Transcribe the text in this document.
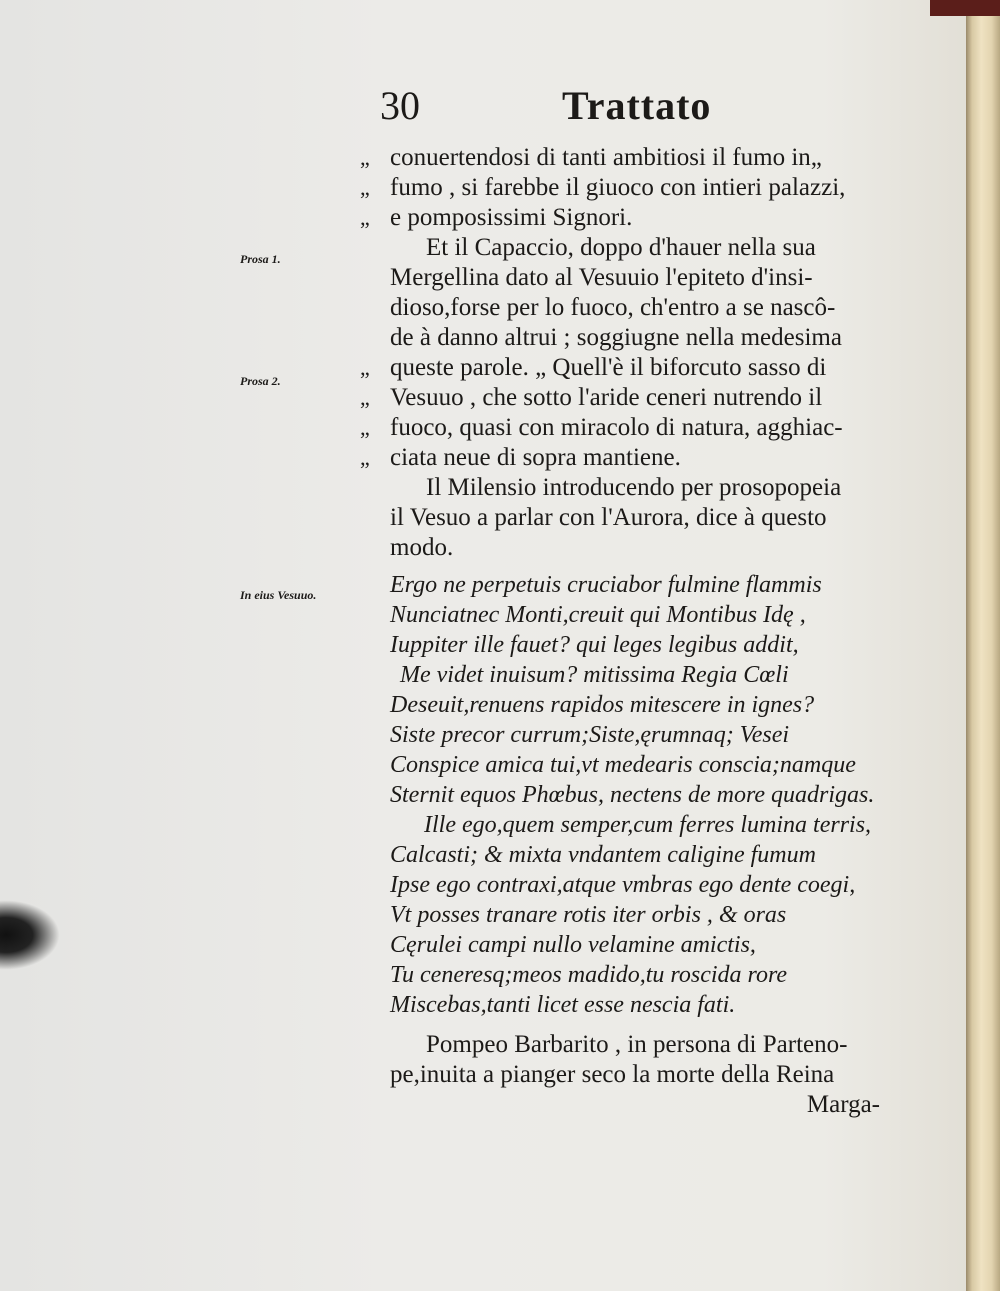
30	Trattato
Prosa 1.
Prosa 2.
In eius Vesuuo.
„ conuertendosi di tanti ambitiosi il fumo in„
„ fumo , si farebbe il giuoco con intieri palazzi,
„ e pomposissimi Signori.
Et il Capaccio, doppo d'hauer nella sua
Mergellina dato al Vesuuio l'epiteto d'insi-
dioso,forse per lo fuoco, ch'entro a se nascô-
de à danno altrui ; soggiugne nella medesima
„ queste parole. „ Quell'è il biforcuto sasso di
„ Vesuuo , che sotto l'aride ceneri nutrendo il
„ fuoco, quasi con miracolo di natura, agghiac-
„ ciata neue di sopra mantiene.
Il Milensio introducendo per prosopopeia
il Vesuo a parlar con l'Aurora, dice à questo
modo.
Ergo ne perpetuis cruciabor fulmine flammis
Nunciatnec Monti,creuit qui Montibus Idę ,
Iuppiter ille fauet? qui leges legibus addit,
Me videt inuisum? mitissima Regia Cœli
Deseuit,renuens rapidos mitescere in ignes?
Siste precor currum;Siste,ęrumnaq; Vesei
Conspice amica tui,vt medearis conscia;namque
Sternit equos Phœbus, nectens de more quadrigas.
Ille ego,quem semper,cum ferres lumina terris,
Calcasti; & mixta vndantem caligine fumum
Ipse ego contraxi,atque vmbras ego dente coegi,
Vt posses tranare rotis iter orbis , & oras
Cęrulei campi nullo velamine amictis,
Tu ceneresq;meos madido,tu roscida rore
Miscebas,tanti licet esse nescia fati.
Pompeo Barbarito , in persona di Parteno-
pe,inuita a pianger seco la morte della Reina
Marga-
